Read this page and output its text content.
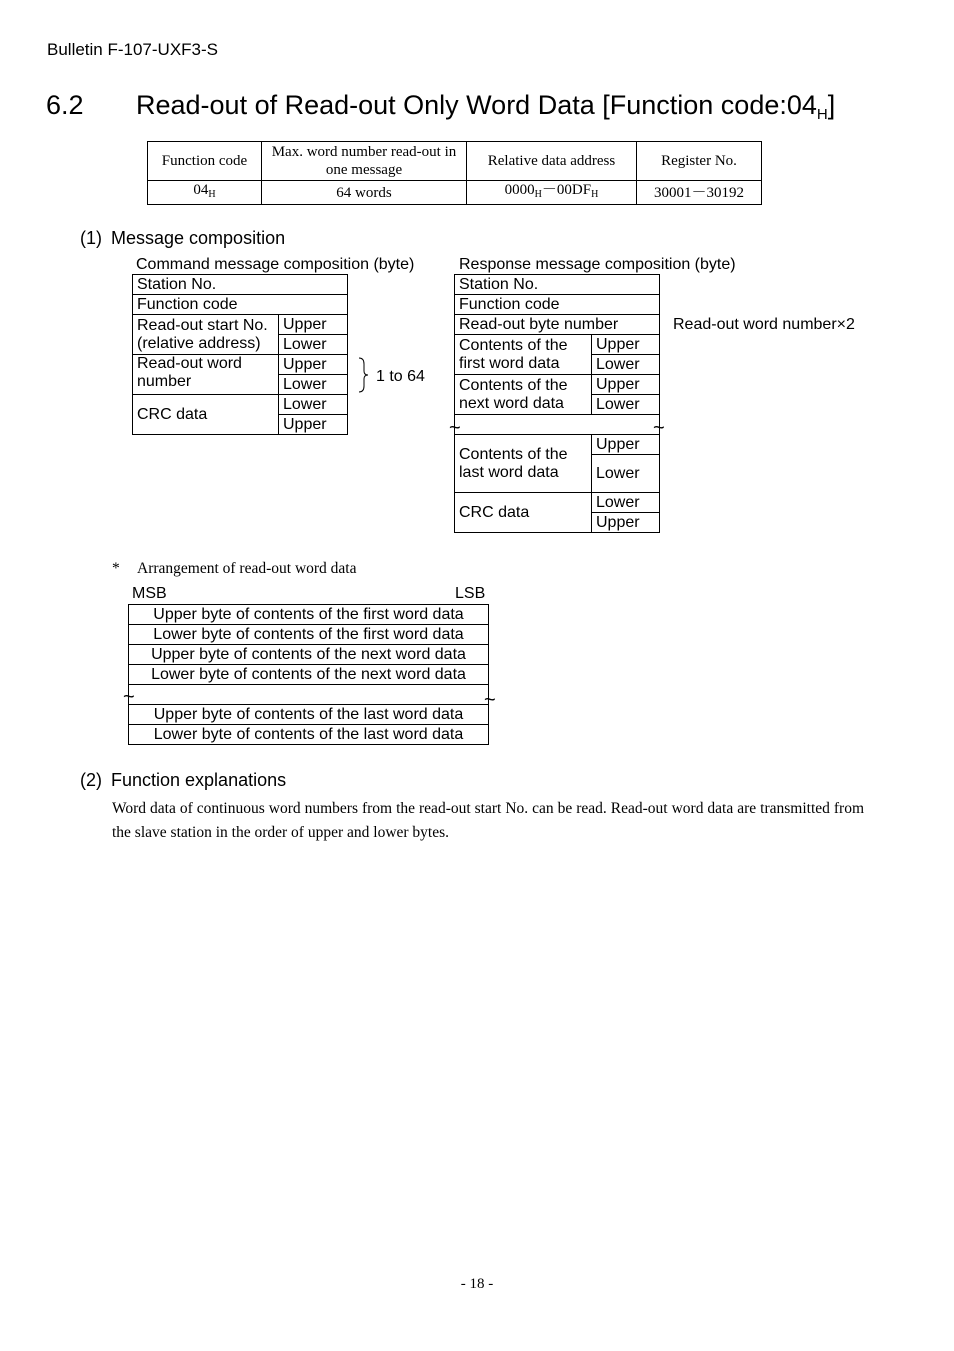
Bulletin F-107-UXF3-S
6.2 Read-out of Read-out Only Word Data [Function $code:04_H$]
Function code	Max. word number read-out in one message	Relative data address	Register No.
$04_H$	64 words	$0000_H-00DF_H$	30001－30192
(1) Message composition
Command message composition (byte)	Response message composition (byte)
Station No.	
Function code	
Read-out start No. (relative address)	Upper
	Lower
Read-out word number	Upper
	Lower
CRC data	Lower
	Upper
1 to 64
Station No.	
Function code	
Read-out byte number	
Contents of the first word data	Upper
	Lower
Contents of the next word data	Upper
	Lower

Contents of the last word data	Upper
	Lower
CRC data	Lower
	Upper
~	~
Read-out word number×2
* Arrangement of read-out word data
MSB	LSB
Upper byte of contents of the first word data
Lower byte of contents of the first word data
Upper byte of contents of the next word data
Lower byte of contents of the next word data

Upper byte of contents of the last word data
Lower byte of contents of the last word data
~	~
(2) Function explanations
Word data of continuous word numbers from the read-out start No. can be read. Read-out word data are transmitted from the slave station in the order of upper and lower bytes.
- 18 -
